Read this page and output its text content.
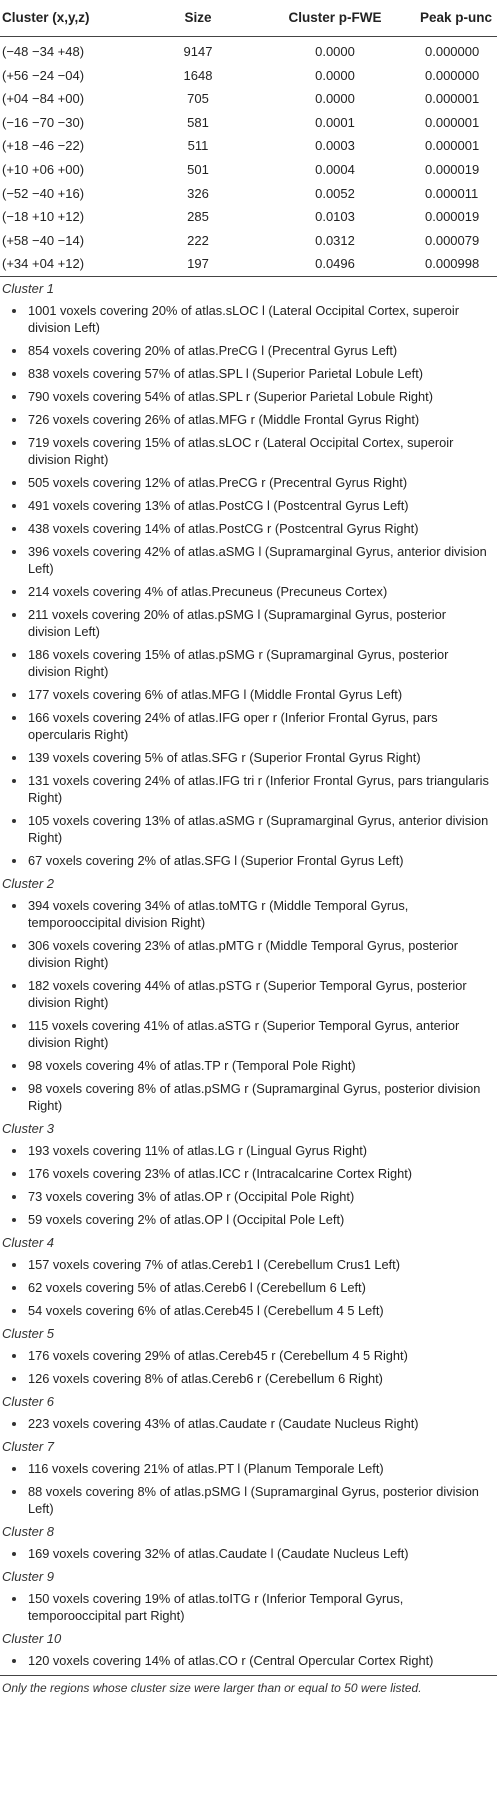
Cluster (x,y,z)	Size	Cluster p-FWE	Peak p-unc
(−48 −34 +48)	9147	0.0000	0.000000
(+56 −24 −04)	1648	0.0000	0.000000
(+04 −84 +00)	705	0.0000	0.000001
(−16 −70 −30)	581	0.0001	0.000001
(+18 −46 −22)	511	0.0003	0.000001
(+10 +06 +00)	501	0.0004	0.000019
(−52 −40 +16)	326	0.0052	0.000011
(−18 +10 +12)	285	0.0103	0.000019
(+58 −40 −14)	222	0.0312	0.000079
(+34 +04 +12)	197	0.0496	0.000998
Cluster 1
1001 voxels covering 20% of atlas.sLOC l (Lateral Occipital Cortex, superoir division Left)
854 voxels covering 20% of atlas.PreCG l (Precentral Gyrus Left)
838 voxels covering 57% of atlas.SPL l (Superior Parietal Lobule Left)
790 voxels covering 54% of atlas.SPL r (Superior Parietal Lobule Right)
726 voxels covering 26% of atlas.MFG r (Middle Frontal Gyrus Right)
719 voxels covering 15% of atlas.sLOC r (Lateral Occipital Cortex, superoir division Right)
505 voxels covering 12% of atlas.PreCG r (Precentral Gyrus Right)
491 voxels covering 13% of atlas.PostCG l (Postcentral Gyrus Left)
438 voxels covering 14% of atlas.PostCG r (Postcentral Gyrus Right)
396 voxels covering 42% of atlas.aSMG l (Supramarginal Gyrus, anterior division Left)
214 voxels covering 4% of atlas.Precuneus (Precuneus Cortex)
211 voxels covering 20% of atlas.pSMG l (Supramarginal Gyrus, posterior division Left)
186 voxels covering 15% of atlas.pSMG r (Supramarginal Gyrus, posterior division Right)
177 voxels covering 6% of atlas.MFG l (Middle Frontal Gyrus Left)
166 voxels covering 24% of atlas.IFG oper r (Inferior Frontal Gyrus, pars opercularis Right)
139 voxels covering 5% of atlas.SFG r (Superior Frontal Gyrus Right)
131 voxels covering 24% of atlas.IFG tri r (Inferior Frontal Gyrus, pars triangularis Right)
105 voxels covering 13% of atlas.aSMG r (Supramarginal Gyrus, anterior division Right)
67 voxels covering 2% of atlas.SFG l (Superior Frontal Gyrus Left)
Cluster 2
394 voxels covering 34% of atlas.toMTG r (Middle Temporal Gyrus, temporooccipital division Right)
306 voxels covering 23% of atlas.pMTG r (Middle Temporal Gyrus, posterior division Right)
182 voxels covering 44% of atlas.pSTG r (Superior Temporal Gyrus, posterior division Right)
115 voxels covering 41% of atlas.aSTG r (Superior Temporal Gyrus, anterior division Right)
98 voxels covering 4% of atlas.TP r (Temporal Pole Right)
98 voxels covering 8% of atlas.pSMG r (Supramarginal Gyrus, posterior division Right)
Cluster 3
193 voxels covering 11% of atlas.LG r (Lingual Gyrus Right)
176 voxels covering 23% of atlas.ICC r (Intracalcarine Cortex Right)
73 voxels covering 3% of atlas.OP r (Occipital Pole Right)
59 voxels covering 2% of atlas.OP l (Occipital Pole Left)
Cluster 4
157 voxels covering 7% of atlas.Cereb1 l (Cerebellum Crus1 Left)
62 voxels covering 5% of atlas.Cereb6 l (Cerebellum 6 Left)
54 voxels covering 6% of atlas.Cereb45 l (Cerebellum 4 5 Left)
Cluster 5
176 voxels covering 29% of atlas.Cereb45 r (Cerebellum 4 5 Right)
126 voxels covering 8% of atlas.Cereb6 r (Cerebellum 6 Right)
Cluster 6
223 voxels covering 43% of atlas.Caudate r (Caudate Nucleus Right)
Cluster 7
116 voxels covering 21% of atlas.PT l (Planum Temporale Left)
88 voxels covering 8% of atlas.pSMG l (Supramarginal Gyrus, posterior division Left)
Cluster 8
169 voxels covering 32% of atlas.Caudate l (Caudate Nucleus Left)
Cluster 9
150 voxels covering 19% of atlas.toITG r (Inferior Temporal Gyrus, temporooccipital part Right)
Cluster 10
120 voxels covering 14% of atlas.CO r (Central Opercular Cortex Right)
Only the regions whose cluster size were larger than or equal to 50 were listed.
